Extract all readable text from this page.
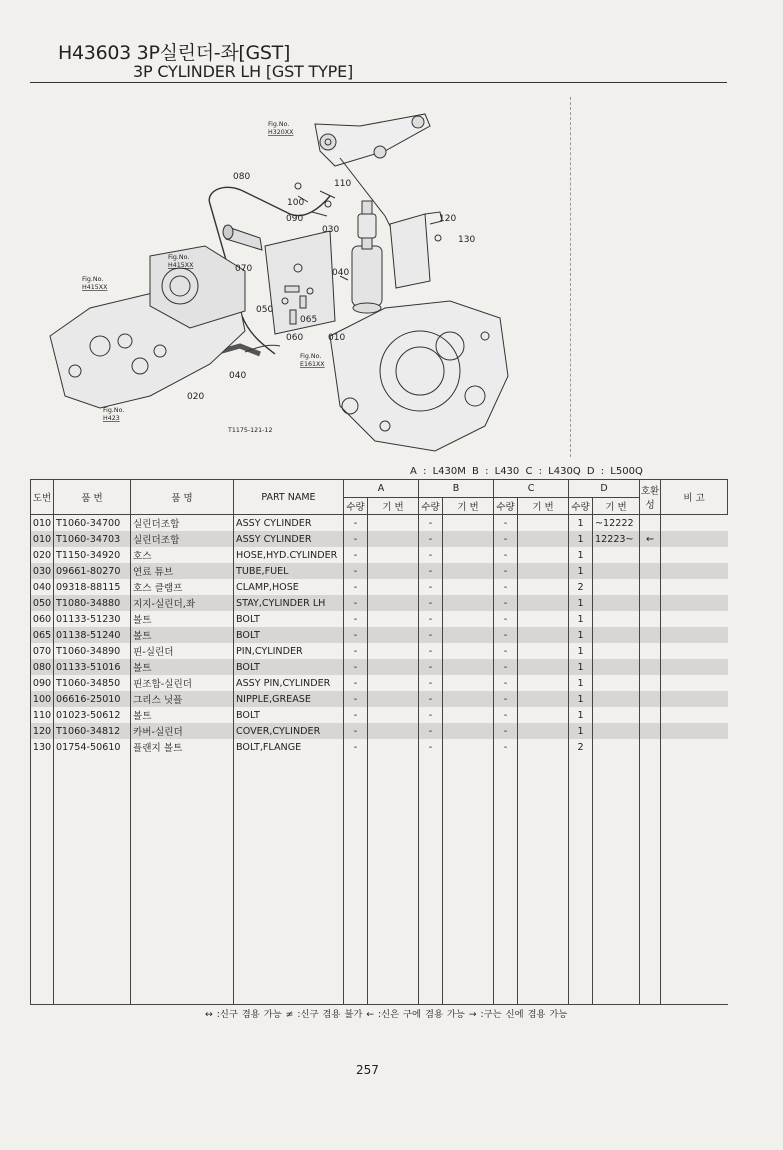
H43603 3P실린더-좌[GST]
3P CYLINDER LH [GST TYPE]
080
110
100
090
030
120
130
070	040
050
065
060	010
040
020
Fig.No. H320XX
Fig.No. H415XX
Fig.No. H415XX
Fig.No. E161XX
Fig.No. H423
T1175-121-12
A : L430M B : L430 C : L430Q D : L500Q
도번	품 번	품 명	PART NAME	A		B		C		D		호환성	비 고
				수량	기 번	수량	기 번	수량	기 번	수량	기 번		
010	T1060-34700	실린더조합	ASSY CYLINDER	-		-		-		1	~12222		
010	T1060-34703	실린더조합	ASSY CYLINDER	-		-		-		1	12223~	←	
020	T1150-34920	호스	HOSE,HYD.CYLINDER	-		-		-		1			
030	09661-80270	연료 튜브	TUBE,FUEL	-		-		-		1			
040	09318-88115	호스 클램프	CLAMP,HOSE	-		-		-		2			
050	T1080-34880	지지-실린더,좌	STAY,CYLINDER LH	-		-		-		1			
060	01133-51230	볼트	BOLT	-		-		-		1			
065	01138-51240	볼트	BOLT	-		-		-		1			
070	T1060-34890	핀-실린더	PIN,CYLINDER	-		-		-		1			
080	01133-51016	볼트	BOLT	-		-		-		1			
090	T1060-34850	핀조합-실린더	ASSY PIN,CYLINDER	-		-		-		1			
100	06616-25010	그리스 닛플	NIPPLE,GREASE	-		-		-		1			
110	01023-50612	볼트	BOLT	-		-		-		1			
120	T1060-34812	카버-실린더	COVER,CYLINDER	-		-		-		1			
130	01754-50610	플랜지 볼트	BOLT,FLANGE	-		-		-		2			

↔ :신구 겸용 가능 ≠ :신구 겸용 불가 ← :신은 구에 겸용 가능 → :구는 신에 겸용 가능
257
